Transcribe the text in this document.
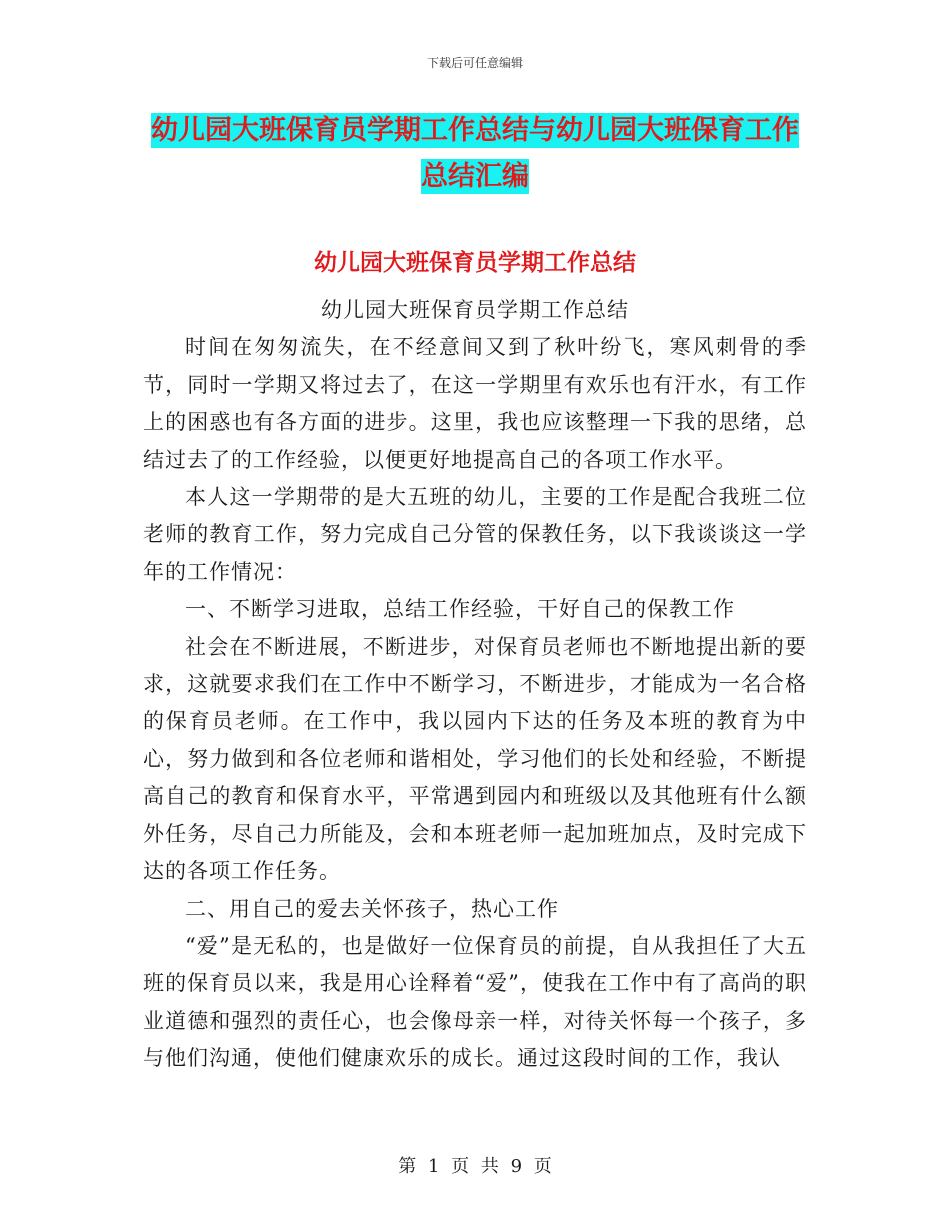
下载后可任意编辑
幼儿园大班保育员学期工作总结与幼儿园大班保育工作总结汇编
幼儿园大班保育员学期工作总结

幼儿园大班保育员学期工作总结

时间在匆匆流失，在不经意间又到了秋叶纷飞，寒风刺骨的季节，同时一学期又将过去了，在这一学期里有欢乐也有汗水，有工作上的困惑也有各方面的进步。这里，我也应该整理一下我的思绪，总结过去了的工作经验，以便更好地提高自己的各项工作水平。

本人这一学期带的是大五班的幼儿，主要的工作是配合我班二位老师的教育工作，努力完成自己分管的保教任务，以下我谈谈这一学年的工作情况：

一、不断学习进取，总结工作经验，干好自己的保教工作

社会在不断进展，不断进步，对保育员老师也不断地提出新的要求，这就要求我们在工作中不断学习，不断进步，才能成为一名合格的保育员老师。在工作中，我以园内下达的任务及本班的教育为中心，努力做到和各位老师和谐相处，学习他们的长处和经验，不断提高自己的教育和保育水平，平常遇到园内和班级以及其他班有什么额外任务，尽自己力所能及，会和本班老师一起加班加点，及时完成下达的各项工作任务。

二、用自己的爱去关怀孩子，热心工作

“爱”是无私的，也是做好一位保育员的前提，自从我担任了大五班的保育员以来，我是用心诠释着“爱”，使我在工作中有了高尚的职业道德和强烈的责任心，也会像母亲一样，对待关怀每一个孩子，多与他们沟通，使他们健康欢乐的成长。通过这段时间的工作，我认

第 1 页 共 9 页
